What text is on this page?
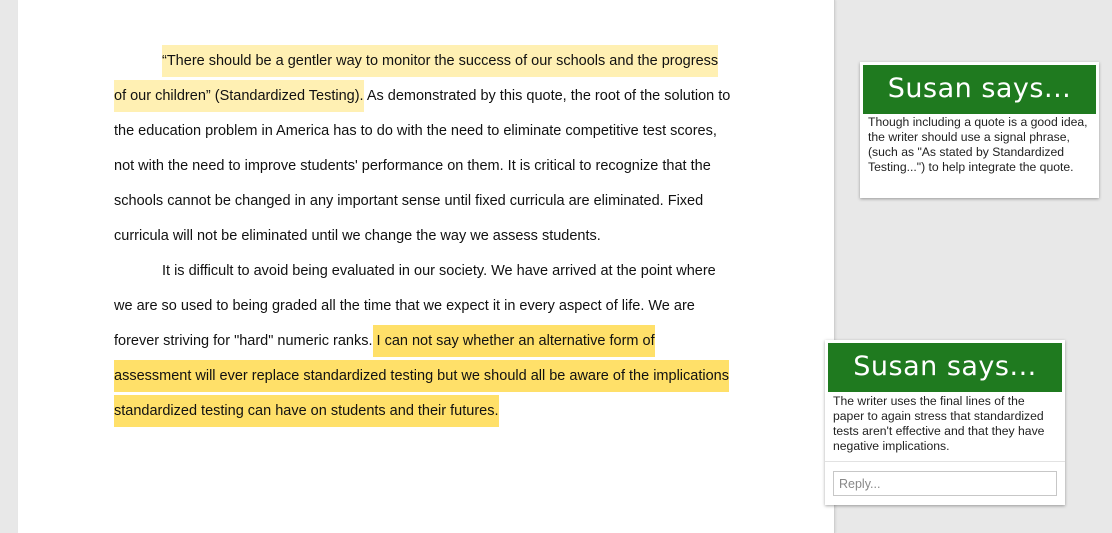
“There should be a gentler way to monitor the success of our schools and the progress
of our children” (Standardized Testing). As demonstrated by this quote, the root of the solution to
the education problem in America has to do with the need to eliminate competitive test scores,
not with the need to improve students' performance on them. It is critical to recognize that the
schools cannot be changed in any important sense until fixed curricula are eliminated. Fixed
curricula will not be eliminated until we change the way we assess students.
It is difficult to avoid being evaluated in our society. We have arrived at the point where
we are so used to being graded all the time that we expect it in every aspect of life. We are
forever striving for "hard" numeric ranks. I can not say whether an alternative form of
assessment will ever replace standardized testing but we should all be aware of the implications
standardized testing can have on students and their futures.
Susan says...
Though including a quote is a good idea, the writer should use a signal phrase, (such as "As stated by Standardized Testing...") to help integrate the quote.
Susan says...
The writer uses the final lines of the paper to again stress that standardized tests aren't effective and that they have negative implications.
Reply...
